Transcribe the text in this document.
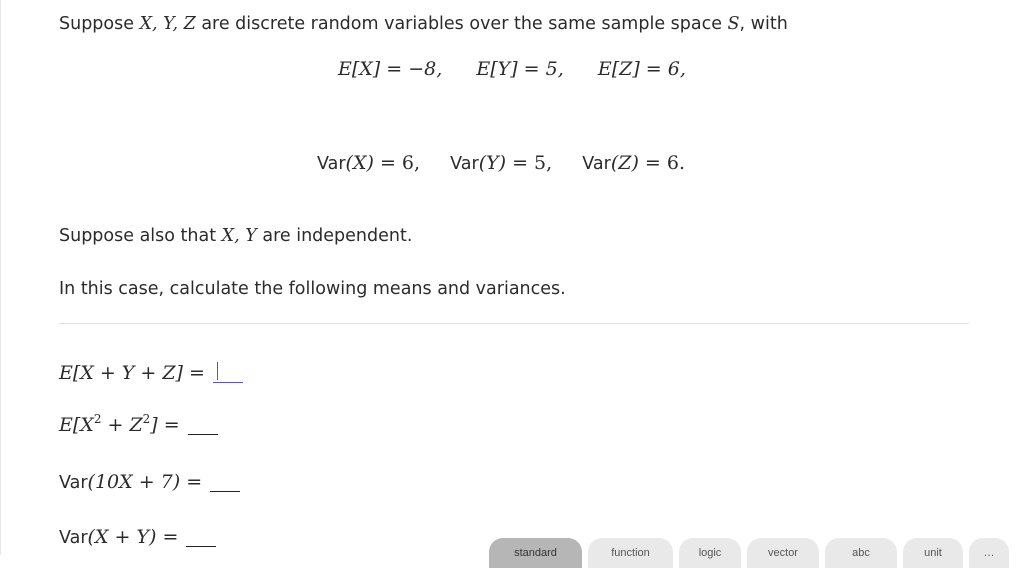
Suppose X, Y, Z are discrete random variables over the same sample space S, with
E[X] = −8, E[Y] = 5, E[Z] = 6,
Var(X) = 6, Var(Y) = 5, Var(Z) = 6.
Suppose also that X, Y are independent.
In this case, calculate the following means and variances.
E[X + Y + Z] =
$E[X^2 + Z^2]$ =
Var(10X + 7) =
Var(X + Y) =
standard	function	logic	vector	abc	unit	…
